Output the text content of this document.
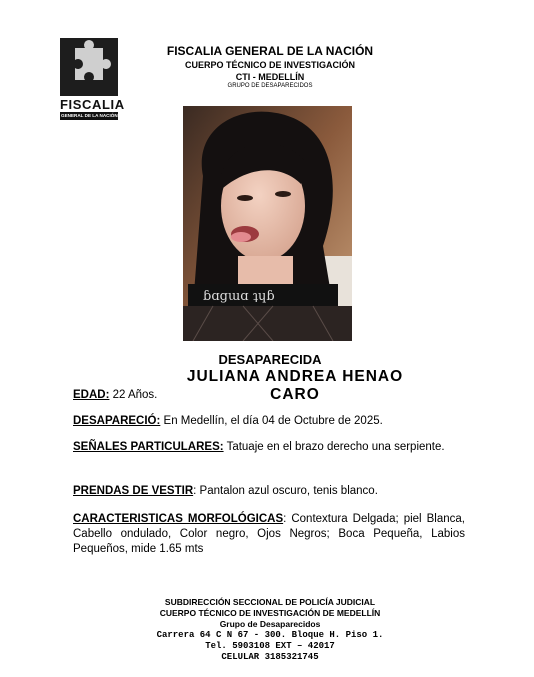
FISCALIA
GENERAL DE LA NACIÓN
FISCALIA GENERAL DE LA NACIÓN
CUERPO TÉCNICO DE INVESTIGACIÓN
CTI - MEDELLÍN
GRUPO DE DESAPARECIDOS
ɓɑgɯɑ ʇɥɓ
DESAPARECIDA
JULIANA ANDREA HENAO CARO
EDAD: 22 Años.
DESAPARECIÓ: En Medellín, el día 04 de Octubre de 2025.
SEÑALES PARTICULARES: Tatuaje en el brazo derecho una serpiente.
PRENDAS DE VESTIR: Pantalon azul oscuro, tenis blanco.
CARACTERISTICAS MORFOLÓGICAS: Contextura Delgada; piel Blanca, Cabello ondulado, Color negro, Ojos Negros; Boca Pequeña, Labios Pequeños, mide 1.65 mts
SUBDIRECCIÓN SECCIONAL DE POLICÍA JUDICIAL
CUERPO TÉCNICO DE INVESTIGACIÓN DE MEDELLÍN
Grupo de Desaparecidos
Carrera 64 C N 67 - 300. Bloque H. Piso 1.
Tel. 5903108 EXT – 42017
CELULAR 3185321745
